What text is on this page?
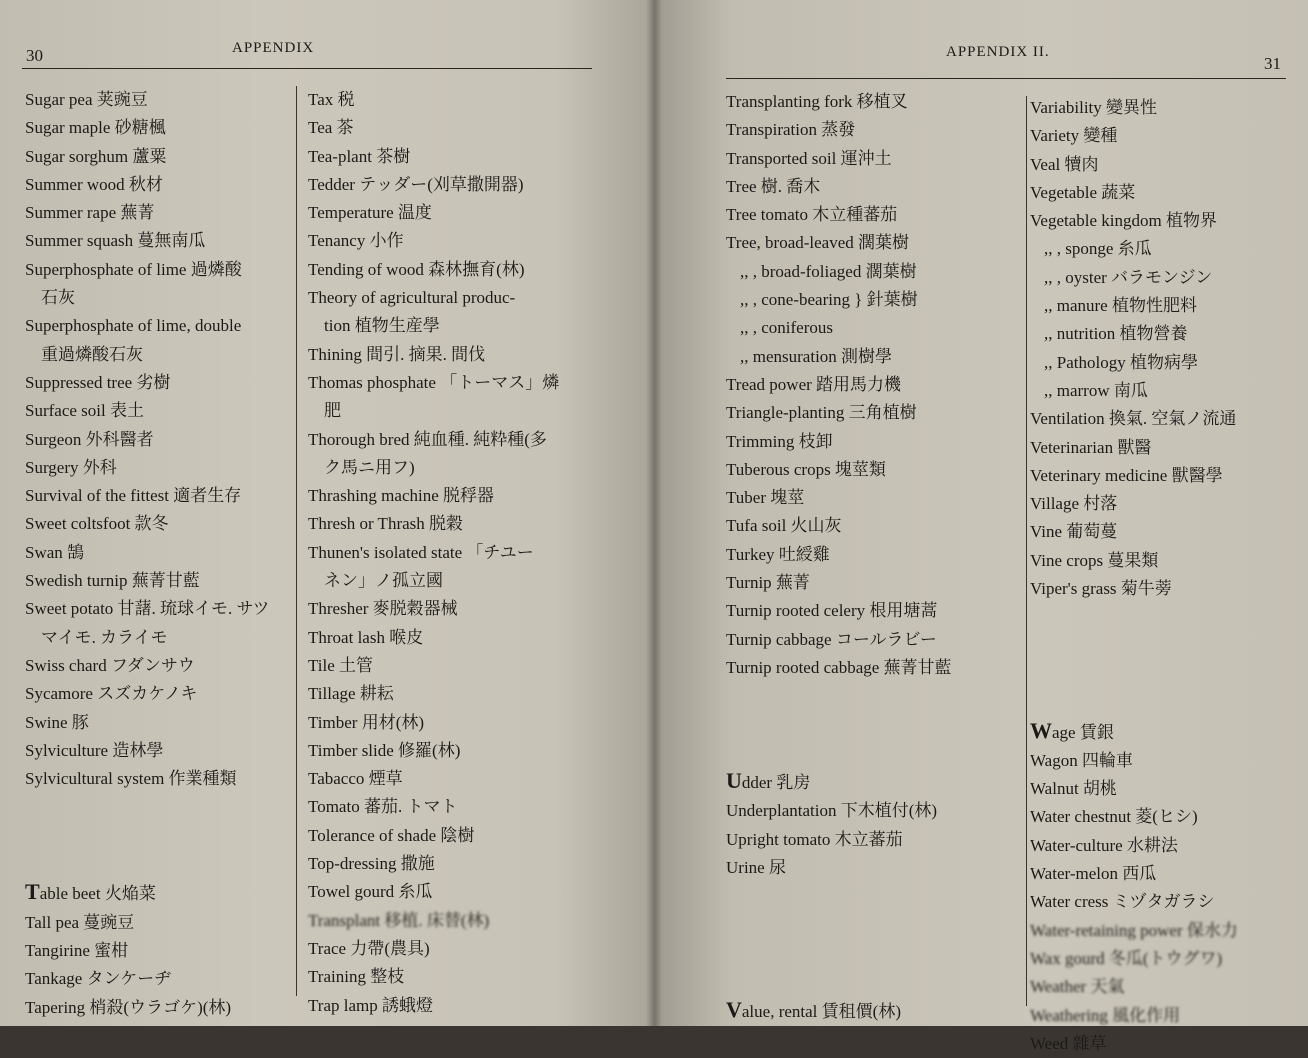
30	APPENDIX
Sugar pea 荚豌豆
Sugar maple 砂糖楓
Sugar sorghum 蘆粟
Summer wood 秋材
Summer rape 蕪菁
Summer squash 蔓無南瓜
Superphosphate of lime 過燐酸
石灰
Superphosphate of lime, double
重過燐酸石灰
Suppressed tree 劣樹
Surface soil 表土
Surgeon 外科醫者
Surgery 外科
Survival of the fittest 適者生存
Sweet coltsfoot 款冬
Swan 鵠
Swedish turnip 蕪菁甘藍
Sweet potato 甘藷. 琉球イモ. サツ
マイモ. カライモ
Swiss chard フダンサウ
Sycamore スズカケノキ
Swine 豚
Sylviculture 造林學
Sylvicultural system 作業種類
Table beet 火焔菜
Tall pea 蔓豌豆
Tangirine 蜜柑
Tankage タンケーヂ
Tapering 梢殺(ウラゴケ)(林)
Tax 税
Tea 茶
Tea-plant 茶樹
Tedder テッダー(刈草撒開器)
Temperature 温度
Tenancy 小作
Tending of wood 森林撫育(林)
Theory of agricultural produc-
tion 植物生産學
Thining 間引. 摘果. 間伐
Thomas phosphate 「トーマス」燐
肥
Thorough bred 純血種. 純粋種(多
ク馬ニ用フ)
Thrashing machine 脱稃器
Thresh or Thrash 脱穀
Thunen's isolated state 「チユー
ネン」ノ孤立國
Thresher 麥脱穀器械
Throat lash 喉皮
Tile 土管
Tillage 耕耘
Timber 用材(林)
Timber slide 修羅(林)
Tabacco 煙草
Tomato 蕃茄. トマト
Tolerance of shade 陰樹
Top-dressing 撒施
Towel gourd 糸瓜
Transplant 移植. 床替(林)
Trace 力帶(農具)
Training 整枝
Trap lamp 誘蛾燈
APPENDIX II.
31
Transplanting fork 移植叉
Transpiration 蒸發
Transported soil 運沖土
Tree 樹. 喬木
Tree tomato 木立種蕃茄
Tree, broad-leaved 濶葉樹
,, , broad-foliaged 濶葉樹
,, , cone-bearing } 針葉樹
,, , coniferous
,, mensuration 測樹學
Tread power 踏用馬力機
Triangle-planting 三角植樹
Trimming 枝卸
Tuberous crops 塊莖類
Tuber 塊莖
Tufa soil 火山灰
Turkey 吐綬雞
Turnip 蕪菁
Turnip rooted celery 根用塘蒿
Turnip cabbage コールラビー
Turnip rooted cabbage 蕪菁甘藍
Udder 乳房
Underplantation 下木植付(林)
Upright tomato 木立蕃茄
Urine 尿
Value, rental 賃租價(林)
Variability 變異性
Variety 變種
Veal 犢肉
Vegetable 蔬菜
Vegetable kingdom 植物界
,, , sponge 糸瓜
,, , oyster バラモンジン
,, manure 植物性肥料
,, nutrition 植物營養
,, Pathology 植物病學
,, marrow 南瓜
Ventilation 換氣. 空氣ノ流通
Veterinarian 獸醫
Veterinary medicine 獸醫學
Village 村落
Vine 葡萄蔓
Vine crops 蔓果類
Viper's grass 菊牛蒡
Wage 賃銀
Wagon 四輪車
Walnut 胡桃
Water chestnut 菱(ヒシ)
Water-culture 水耕法
Water-melon 西瓜
Water cress ミヅタガラシ
Water-retaining power 保水力
Wax gourd 冬瓜(トウグワ)
Weather 天氣
Weathering 風化作用
Weed 雜草
